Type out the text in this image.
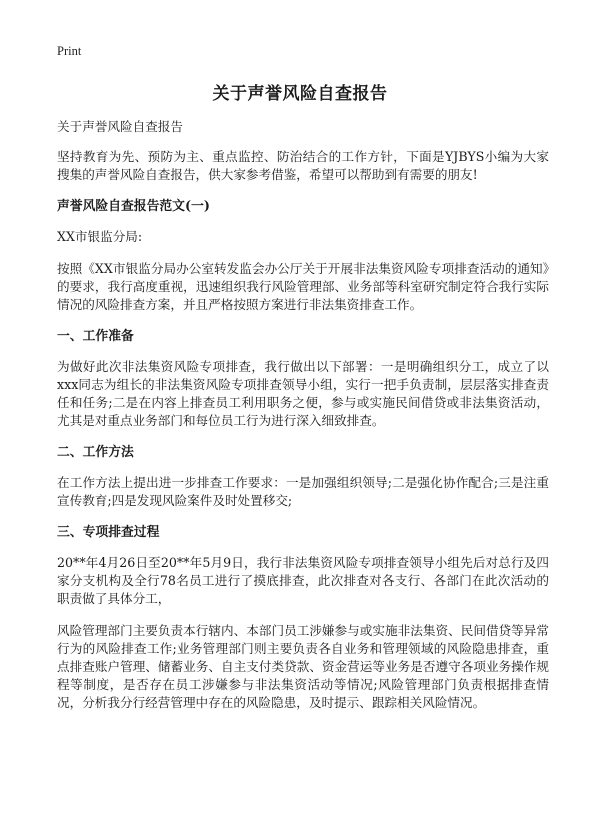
Print
关于声誉风险自查报告

关于声誉风险自查报告

坚持教育为先、预防为主、重点监控、防治结合的工作方针，下面是YJBYS小编为大家搜集的声誉风险自查报告，供大家参考借鉴，希望可以帮助到有需要的朋友!

声誉风险自查报告范文(一)

XX市银监分局:

按照《XX市银监分局办公室转发监会办公厅关于开展非法集资风险专项排查活动的通知》的要求，我行高度重视，迅速组织我行风险管理部、业务部等科室研究制定符合我行实际情况的风险排查方案，并且严格按照方案进行非法集资排查工作。

一、工作准备

为做好此次非法集资风险专项排查，我行做出以下部署：一是明确组织分工，成立了以xxx同志为组长的非法集资风险专项排查领导小组，实行一把手负责制，层层落实排查责任和任务;二是在内容上排查员工利用职务之便，参与或实施民间借贷或非法集资活动，尤其是对重点业务部门和每位员工行为进行深入细致排查。

二、工作方法

在工作方法上提出进一步排查工作要求：一是加强组织领导;二是强化协作配合;三是注重宣传教育;四是发现风险案件及时处置移交;

三、专项排查过程

20**年4月26日至20**年5月9日，我行非法集资风险专项排查领导小组先后对总行及四家分支机构及全行78名员工进行了摸底排查，此次排查对各支行、各部门在此次活动的职责做了具体分工，

风险管理部门主要负责本行辖内、本部门员工涉嫌参与或实施非法集资、民间借贷等异常行为的风险排查工作;业务管理部门则主要负责各自业务和管理领域的风险隐患排查，重点排查账户管理、储蓄业务、自主支付类贷款、资金营运等业务是否遵守各项业务操作规程等制度，是否存在员工涉嫌参与非法集资活动等情况;风险管理部门负责根据排查情况，分析我分行经营管理中存在的风险隐患，及时提示、跟踪相关风险情况。
